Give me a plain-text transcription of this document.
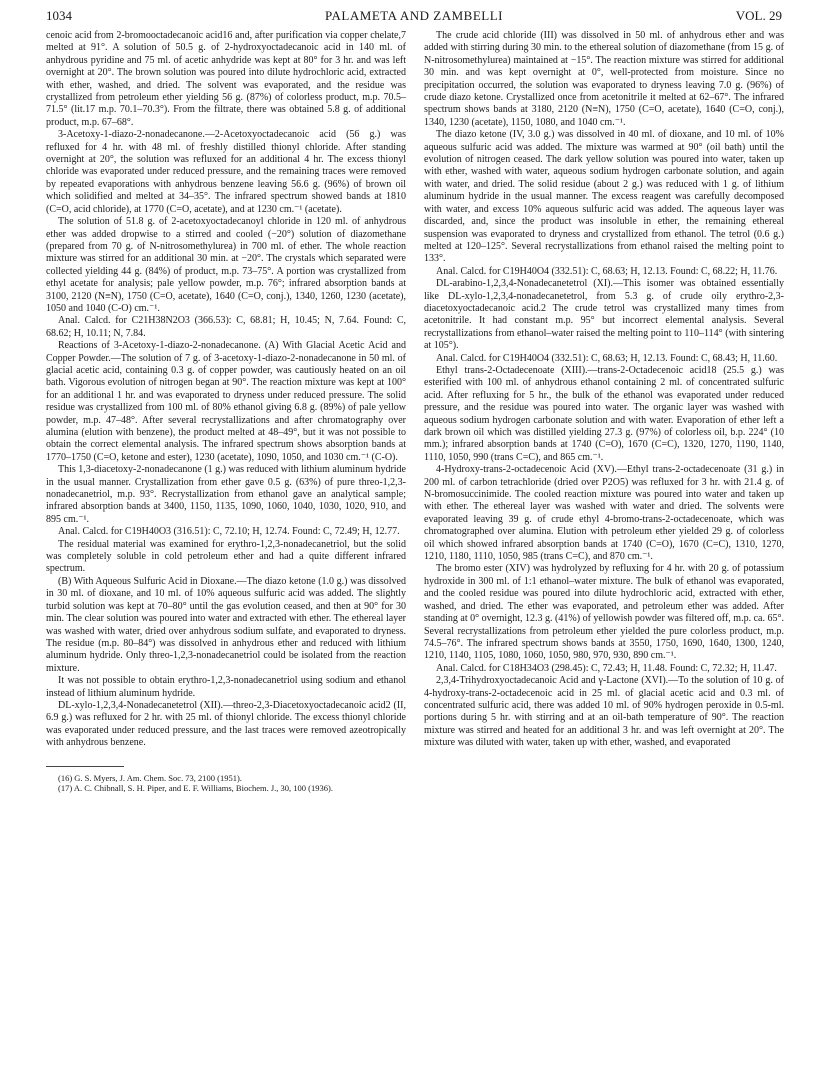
1034	PALAMETA AND ZAMBELLI	VOL. 29

cenoic acid from 2-bromooctadecanoic acid16 and, after purification via copper chelate,7 melted at 91°. A solution of 50.5 g. of 2-hydroxyoctadecanoic acid in 140 ml. of anhydrous pyridine and 75 ml. of acetic anhydride was kept at 80° for 3 hr. and was left overnight at 20°. The brown solution was poured into dilute hydrochloric acid, extracted with ether, washed, and dried. The solvent was evaporated, and the residue was crystallized from petroleum ether yielding 56 g. (87%) of colorless product, m.p. 70.5–71.5° (lit.17 m.p. 70.1–70.3°). From the filtrate, there was obtained 5.8 g. of additional product, m.p. 67–68°.

3-Acetoxy-1-diazo-2-nonadecanone.—2-Acetoxyoctadecanoic acid (56 g.) was refluxed for 4 hr. with 48 ml. of freshly distilled thionyl chloride. After standing overnight at 20°, the solution was refluxed for an additional 4 hr. The excess thionyl chloride was evaporated under reduced pressure, and the remaining traces were removed by repeated evaporations with anhydrous benzene leaving 56.6 g. (96%) of brown oil which solidified and melted at 34–35°. The infrared spectrum showed bands at 1810 (C=O, acid chloride), at 1770 (C=O, acetate), and at 1230 cm.⁻¹ (acetate).

The solution of 51.8 g. of 2-acetoxyoctadecanoyl chloride in 120 ml. of anhydrous ether was added dropwise to a stirred and cooled (−20°) solution of diazomethane (prepared from 70 g. of N-nitrosomethylurea) in 700 ml. of ether. The whole reaction mixture was stirred for an additional 30 min. at −20°. The crystals which separated were collected yielding 44 g. (84%) of product, m.p. 73–75°. A portion was crystallized from ethyl acetate for analysis; pale yellow powder, m.p. 76°; infrared absorption bands at 3100, 2120 (N≡N), 1750 (C=O, acetate), 1640 (C=O, conj.), 1340, 1260, 1230 (acetate), 1050 and 1040 (C-O) cm.⁻¹.

Anal. Calcd. for C21H38N2O3 (366.53): C, 68.81; H, 10.45; N, 7.64. Found: C, 68.62; H, 10.11; N, 7.84.

Reactions of 3-Acetoxy-1-diazo-2-nonadecanone. (A) With Glacial Acetic Acid and Copper Powder.—The solution of 7 g. of 3-acetoxy-1-diazo-2-nonadecanone in 50 ml. of glacial acetic acid, containing 0.3 g. of copper powder, was cautiously heated on an oil bath. Vigorous evolution of nitrogen began at 90°. The reaction mixture was kept at 100° for an additional 1 hr. and was evaporated to dryness under reduced pressure. The solid residue was crystallized from 100 ml. of 80% ethanol giving 6.8 g. (89%) of pale yellow powder, m.p. 47–48°. After several recrystallizations and after chromatography over alumina (elution with benzene), the product melted at 48–49°, but it was not possible to obtain the correct elemental analysis. The infrared spectrum shows absorption bands at 1770–1750 (C=O, ketone and ester), 1230 (acetate), 1090, 1050, and 1030 cm.⁻¹ (C-O).

This 1,3-diacetoxy-2-nonadecanone (1 g.) was reduced with lithium aluminum hydride in the usual manner. Crystallization from ether gave 0.5 g. (63%) of pure threo-1,2,3-nonadecanetriol, m.p. 93°. Recrystallization from ethanol gave an analytical sample; infrared absorption bands at 3400, 1150, 1135, 1090, 1060, 1040, 1030, 1020, 910, and 895 cm.⁻¹.

Anal. Calcd. for C19H40O3 (316.51): C, 72.10; H, 12.74. Found: C, 72.49; H, 12.77.

The residual material was examined for erythro-1,2,3-nonadecanetriol, but the solid was completely soluble in cold petroleum ether and had a quite different infrared spectrum.

(B) With Aqueous Sulfuric Acid in Dioxane.—The diazo ketone (1.0 g.) was dissolved in 30 ml. of dioxane, and 10 ml. of 10% aqueous sulfuric acid was added. The slightly turbid solution was kept at 70–80° until the gas evolution ceased, and then at 90° for 30 min. The clear solution was poured into water and extracted with ether. The ethereal layer was washed with water, dried over anhydrous sodium sulfate, and evaporated to dryness. The residue (m.p. 80–84°) was dissolved in anhydrous ether and reduced with lithium aluminum hydride. Only threo-1,2,3-nonadecanetriol could be isolated from the reaction mixture.

It was not possible to obtain erythro-1,2,3-nonadecanetriol using sodium and ethanol instead of lithium aluminum hydride.

DL-xylo-1,2,3,4-Nonadecanetetrol (XII).—threo-2,3-Diacetoxyoctadecanoic acid2 (II, 6.9 g.) was refluxed for 2 hr. with 25 ml. of thionyl chloride. The excess thionyl chloride was evaporated under reduced pressure, and the last traces were removed azeotropically with anhydrous benzene.

(16) G. S. Myers, J. Am. Chem. Soc. 73, 2100 (1951).

(17) A. C. Chibnall, S. H. Piper, and E. F. Williams, Biochem. J., 30, 100 (1936).

The crude acid chloride (III) was dissolved in 50 ml. of anhydrous ether and was added with stirring during 30 min. to the ethereal solution of diazomethane (from 15 g. of N-nitrosomethylurea) maintained at −15°. The reaction mixture was stirred for additional 30 min. and was kept overnight at 0°, well-protected from moisture. Since no precipitation occurred, the solution was evaporated to dryness leaving 7.0 g. (96%) of crude diazo ketone. Crystallized once from acetonitrile it melted at 62–67°. The infrared spectrum shows bands at 3180, 2120 (N≡N), 1750 (C=O, acetate), 1640 (C=O, conj.), 1340, 1230 (acetate), 1150, 1080, and 1040 cm.⁻¹.

The diazo ketone (IV, 3.0 g.) was dissolved in 40 ml. of dioxane, and 10 ml. of 10% aqueous sulfuric acid was added. The mixture was warmed at 90° (oil bath) until the evolution of nitrogen ceased. The dark yellow solution was poured into water, taken up with ether, washed with water, aqueous sodium hydrogen carbonate solution, and again with water, and dried. The solid residue (about 2 g.) was reduced with 1 g. of lithium aluminum hydride in the usual manner. The excess reagent was carefully decomposed with water, and excess 10% aqueous sulfuric acid was added. The aqueous layer was discarded, and, since the product was insoluble in ether, the remaining ethereal suspension was evaporated to dryness and crystallized from ethanol. The tetrol (0.6 g.) melted at 120–125°. Several recrystallizations from ethanol raised the melting point to 133°.

Anal. Calcd. for C19H40O4 (332.51): C, 68.63; H, 12.13. Found: C, 68.22; H, 11.76.

DL-arabino-1,2,3,4-Nonadecanetetrol (XI).—This isomer was obtained essentially like DL-xylo-1,2,3,4-nonadecanetetrol, from 5.3 g. of crude oily erythro-2,3-diacetoxyoctadecanoic acid.2 The crude tetrol was crystallized many times from acetonitrile. It had constant m.p. 95° but incorrect elemental analysis. Several recrystallizations from ethanol–water raised the melting point to 110–114° (with sintering at 105°).

Anal. Calcd. for C19H40O4 (332.51): C, 68.63; H, 12.13. Found: C, 68.43; H, 11.60.

Ethyl trans-2-Octadecenoate (XIII).—trans-2-Octadecenoic acid18 (25.5 g.) was esterified with 100 ml. of anhydrous ethanol containing 2 ml. of concentrated sulfuric acid. After refluxing for 5 hr., the bulk of the ethanol was evaporated under reduced pressure, and the residue was poured into water. The organic layer was washed with aqueous sodium hydrogen carbonate solution and with water. Evaporation of ether left a dark brown oil which was distilled yielding 27.3 g. (97%) of colorless oil, b.p. 224° (10 mm.); infrared absorption bands at 1740 (C=O), 1670 (C=C), 1320, 1270, 1190, 1140, 1110, 1050, 990 (trans C=C), and 865 cm.⁻¹.

4-Hydroxy-trans-2-octadecenoic Acid (XV).—Ethyl trans-2-octadecenoate (31 g.) in 200 ml. of carbon tetrachloride (dried over P2O5) was refluxed for 3 hr. with 21.4 g. of N-bromosuccinimide. The cooled reaction mixture was poured into water and taken up with ether. The ethereal layer was washed with water and dried. The solvents were evaporated leaving 39 g. of crude ethyl 4-bromo-trans-2-octadecenoate, which was chromatographed over alumina. Elution with petroleum ether yielded 29 g. of colorless oil which showed infrared absorption bands at 1740 (C=O), 1670 (C=C), 1310, 1270, 1210, 1180, 1110, 1050, 985 (trans C=C), and 870 cm.⁻¹.

The bromo ester (XIV) was hydrolyzed by refluxing for 4 hr. with 20 g. of potassium hydroxide in 300 ml. of 1:1 ethanol–water mixture. The bulk of ethanol was evaporated, and the cooled residue was poured into dilute hydrochloric acid, extracted with ether, washed, and dried. The ether was evaporated, and petroleum ether was added. After standing at 0° overnight, 12.3 g. (41%) of yellowish powder was filtered off, m.p. ca. 65°. Several recrystallizations from petroleum ether yielded the pure colorless product, m.p. 74.5–76°. The infrared spectrum shows bands at 3550, 1750, 1690, 1640, 1300, 1240, 1210, 1140, 1105, 1080, 1060, 1050, 980, 970, 930, 890 cm.⁻¹.

Anal. Calcd. for C18H34O3 (298.45): C, 72.43; H, 11.48. Found: C, 72.32; H, 11.47.

2,3,4-Trihydroxyoctadecanoic Acid and γ-Lactone (XVI).—To the solution of 10 g. of 4-hydroxy-trans-2-octadecenoic acid in 25 ml. of glacial acetic acid and 0.3 ml. of concentrated sulfuric acid, there was added 10 ml. of 90% hydrogen peroxide in 0.5-ml. portions during 5 hr. with stirring and at an oil-bath temperature of 90°. The reaction mixture was stirred and heated for an additional 3 hr. and was left overnight at 20°. The mixture was diluted with water, taken up with ether, washed, and evaporated
